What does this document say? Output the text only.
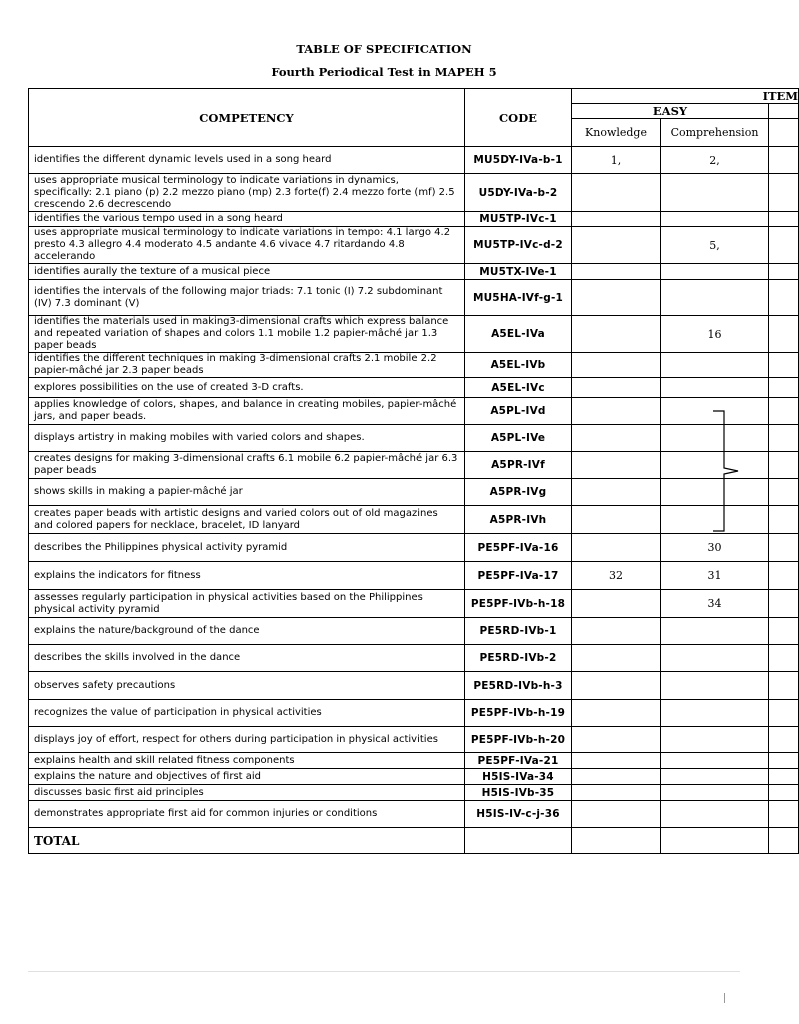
TABLE OF SPECIFICATION
Fourth Periodical Test in MAPEH 5
COMPETENCY	CODE	ITEM		
		EASY		
		Knowledge	Comprehension	
identifies the different dynamic levels used in a song heard	MU5DY-IVa-b-1	1,	2,	
uses appropriate musical terminology to indicate variations in dynamics, specifically: 2.1 piano (p) 2.2 mezzo piano (mp) 2.3 forte(f) 2.4 mezzo forte (mf) 2.5 crescendo 2.6 decrescendo	U5DY-IVa-b-2			
identifies the various tempo used in a song heard	MU5TP-IVc-1			
uses appropriate musical terminology to indicate variations in tempo: 4.1 largo 4.2 presto 4.3 allegro 4.4 moderato 4.5 andante 4.6 vivace 4.7 ritardando 4.8 accelerando	MU5TP-IVc-d-2		5,	
identifies aurally the texture of a musical piece	MU5TX-IVe-1			
identifies the intervals of the following major triads: 7.1 tonic (I) 7.2 subdominant (IV) 7.3 dominant (V)	MU5HA-IVf-g-1			
identifies the materials used in making3-dimensional crafts which express balance and repeated variation of shapes and colors 1.1 mobile 1.2 papier-mâché jar 1.3 paper beads	A5EL-IVa		16	
identifies the different techniques in making 3-dimensional crafts 2.1 mobile 2.2 papier-mâché jar 2.3 paper beads	A5EL-IVb			
explores possibilities on the use of created 3-D crafts.	A5EL-IVc			
applies knowledge of colors, shapes, and balance in creating mobiles, papier-mâché jars, and paper beads.	A5PL-IVd			
displays artistry in making mobiles with varied colors and shapes.	A5PL-IVe			
creates designs for making 3-dimensional crafts 6.1 mobile 6.2 papier-mâché jar 6.3 paper beads	A5PR-IVf			
shows skills in making a papier-mâché jar	A5PR-IVg			
creates paper beads with artistic designs and varied colors out of old magazines and colored papers for necklace, bracelet, ID lanyard	A5PR-IVh			
describes the Philippines physical activity pyramid	PE5PF-IVa-16		30	
explains the indicators for fitness	PE5PF-IVa-17	32	31	
assesses regularly participation in physical activities based on the Philippines physical activity pyramid	PE5PF-IVb-h-18		34	
explains the nature/background of the dance	PE5RD-IVb-1			
describes the skills involved in the dance	PE5RD-IVb-2			
observes safety precautions	PE5RD-IVb-h-3			
recognizes the value of participation in physical activities	PE5PF-IVb-h-19			
displays joy of effort, respect for others during participation in physical activities	PE5PF-IVb-h-20			
explains health and skill related fitness components	PE5PF-IVa-21			
explains the nature and objectives of first aid	H5IS-IVa-34			
discusses basic first aid principles	H5IS-IVb-35			
demonstrates appropriate first aid for common injuries or conditions	H5IS-IV-c-j-36			
TOTAL				
